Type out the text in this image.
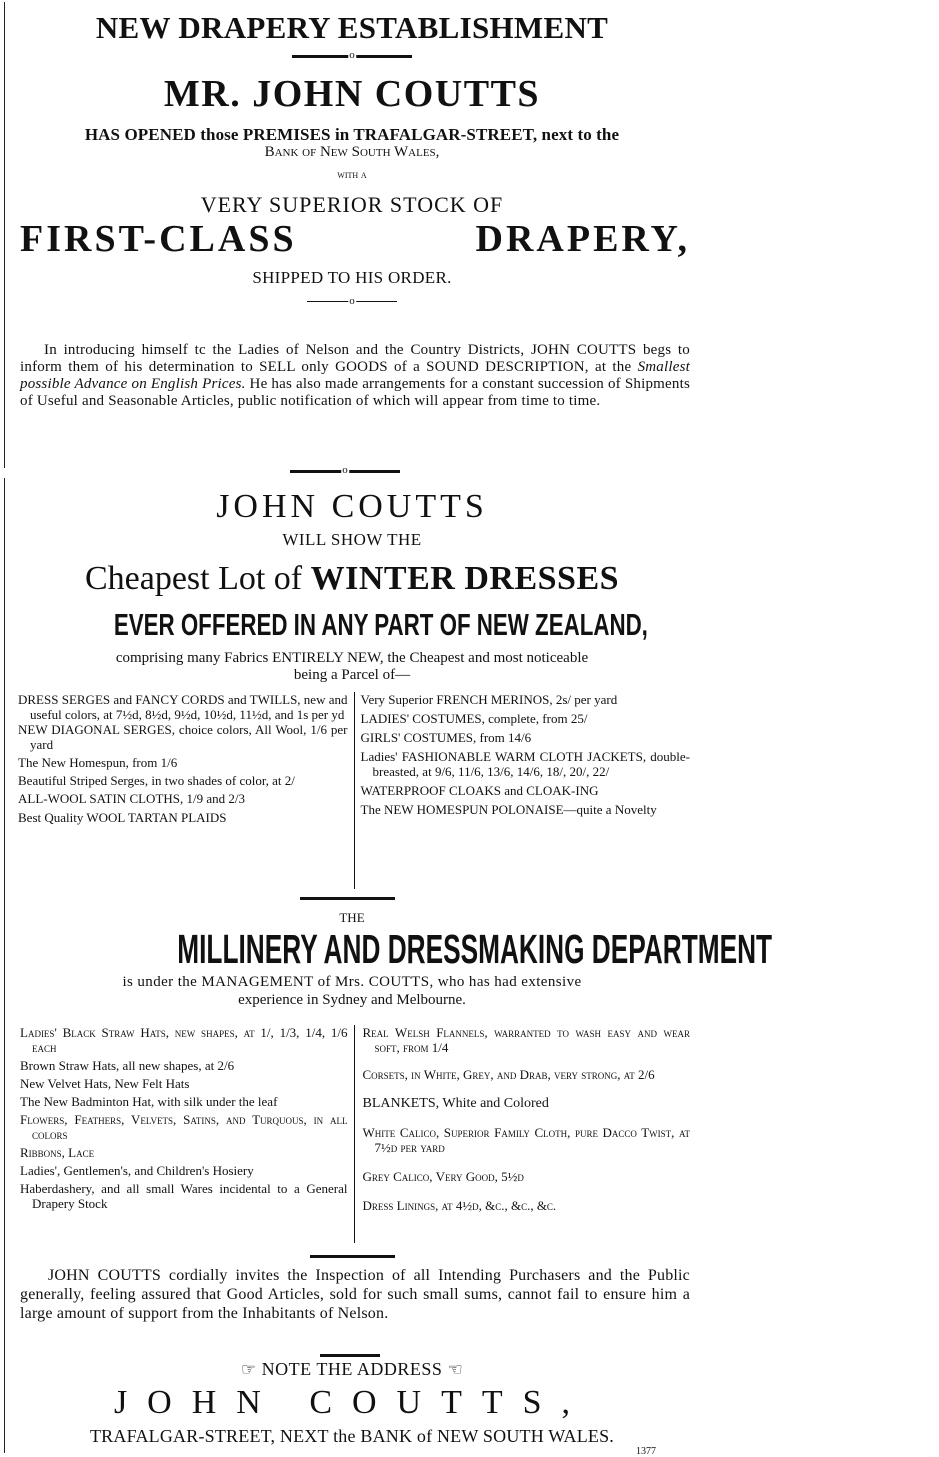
NEW DRAPERY ESTABLISHMENT
o
MR. JOHN COUTTS
HAS OPENED those PREMISES in TRAFALGAR-STREET, next to the
Bank of New South Wales,
with a
VERY SUPERIOR STOCK OF
FIRST-CLASS	DRAPERY,
SHIPPED TO HIS ORDER.
o

In introducing himself tc the Ladies of Nelson and the Country Districts, JOHN COUTTS begs to inform them of his determination to SELL only GOODS of a SOUND DESCRIPTION, at the Smallest possible Advance on English Prices. He has also made arrangements for a constant succession of Shipments of Useful and Seasonable Articles, public notification of which will appear from time to time.

o
JOHN COUTTS
WILL SHOW THE
Cheapest Lot of WINTER DRESSES
EVER OFFERED IN ANY PART OF NEW ZEALAND,
comprising many Fabrics ENTIRELY NEW, the Cheapest and most noticeable
being a Parcel of—
DRESS SERGES and FANCY CORDS and TWILLS, new and useful colors, at 7½d, 8½d, 9½d, 10½d, 11½d, and 1s per yd
NEW DIAGONAL SERGES, choice colors, All Wool, 1/6 per yard
The New Homespun, from 1/6
Beautiful Striped Serges, in two shades of color, at 2/
ALL-WOOL SATIN CLOTHS, 1/9 and 2/3
Best Quality WOOL TARTAN PLAIDS
Very Superior FRENCH MERINOS, 2s/ per yard
LADIES' COSTUMES, complete, from 25/
GIRLS' COSTUMES, from 14/6
Ladies' FASHIONABLE WARM CLOTH JACKETS, double-breasted, at 9/6, 11/6, 13/6, 14/6, 18/, 20/, 22/
WATERPROOF CLOAKS and CLOAK-ING
The NEW HOMESPUN POLONAISE—quite a Novelty
THE
MILLINERY AND DRESSMAKING DEPARTMENT
is under the MANAGEMENT of Mrs. COUTTS, who has had extensive
experience in Sydney and Melbourne.
Ladies' Black Straw Hats, new shapes, at 1/, 1/3, 1/4, 1/6 each
Brown Straw Hats, all new shapes, at 2/6
New Velvet Hats, New Felt Hats
The New Badminton Hat, with silk under the leaf
Flowers, Feathers, Velvets, Satins, and Turquous, in all colors
Ribbons, Lace
Ladies', Gentlemen's, and Children's Hosiery
Haberdashery, and all small Wares incidental to a General Drapery Stock
Real Welsh Flannels, warranted to wash easy and wear soft, from 1/4
Corsets, in White, Grey, and Drab, very strong, at 2/6
BLANKETS, White and Colored
White Calico, Superior Family Cloth, pure Dacco Twist, at 7½d per yard
Grey Calico, Very Good, 5½d
Dress Linings, at 4½d, &c., &c., &c.

JOHN COUTTS cordially invites the Inspection of all Intending Purchasers and the Public generally, feeling assured that Good Articles, sold for such small sums, cannot fail to ensure him a large amount of support from the Inhabitants of Nelson.

☞ NOTE THE ADDRESS ☞
JOHN COUTTS,
TRAFALGAR-STREET, NEXT the BANK of NEW SOUTH WALES.
1377
